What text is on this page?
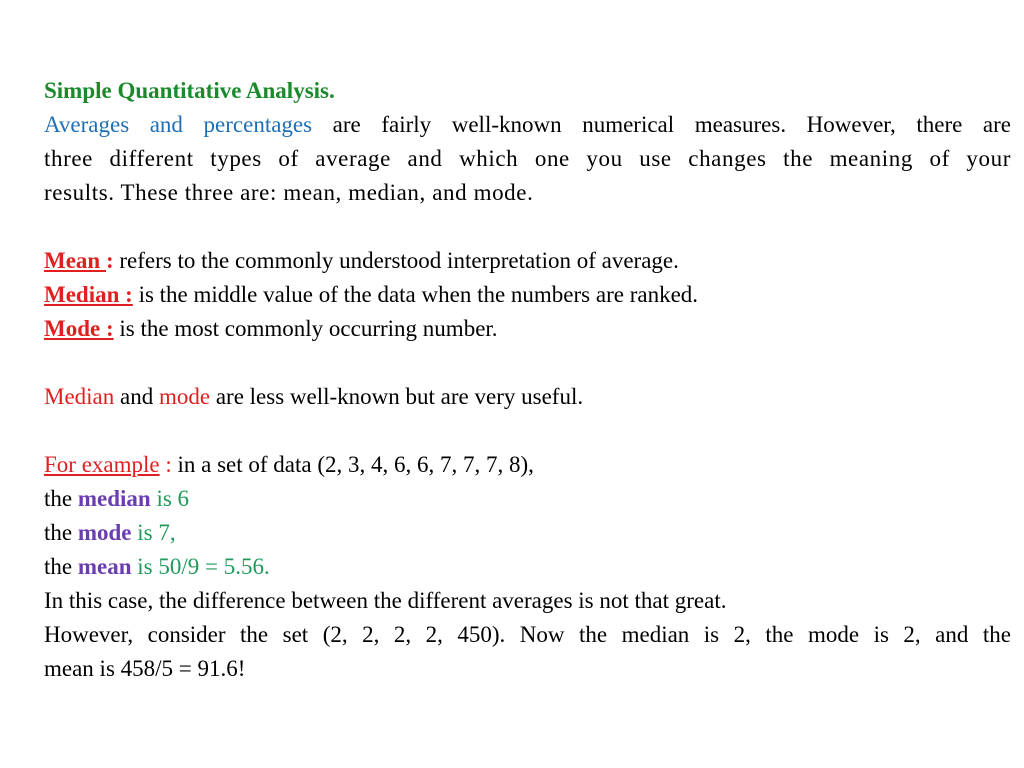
Simple Quantitative Analysis.
Averages and percentages are fairly well-known numerical measures. However, there are
three different types of average and which one you use changes the meaning of your
results. These three are: mean, median, and mode.
Mean : refers to the commonly understood interpretation of average.
Median : is the middle value of the data when the numbers are ranked.
Mode : is the most commonly occurring number.
Median and mode are less well-known but are very useful.
For example : in a set of data (2, 3, 4, 6, 6, 7, 7, 7, 8),
the median is 6
the mode is 7,
the mean is 50/9 = 5.56.
In this case, the difference between the different averages is not that great.
However, consider the set (2, 2, 2, 2, 450). Now the median is 2, the mode is 2, and the
mean is 458/5 = 91.6!
